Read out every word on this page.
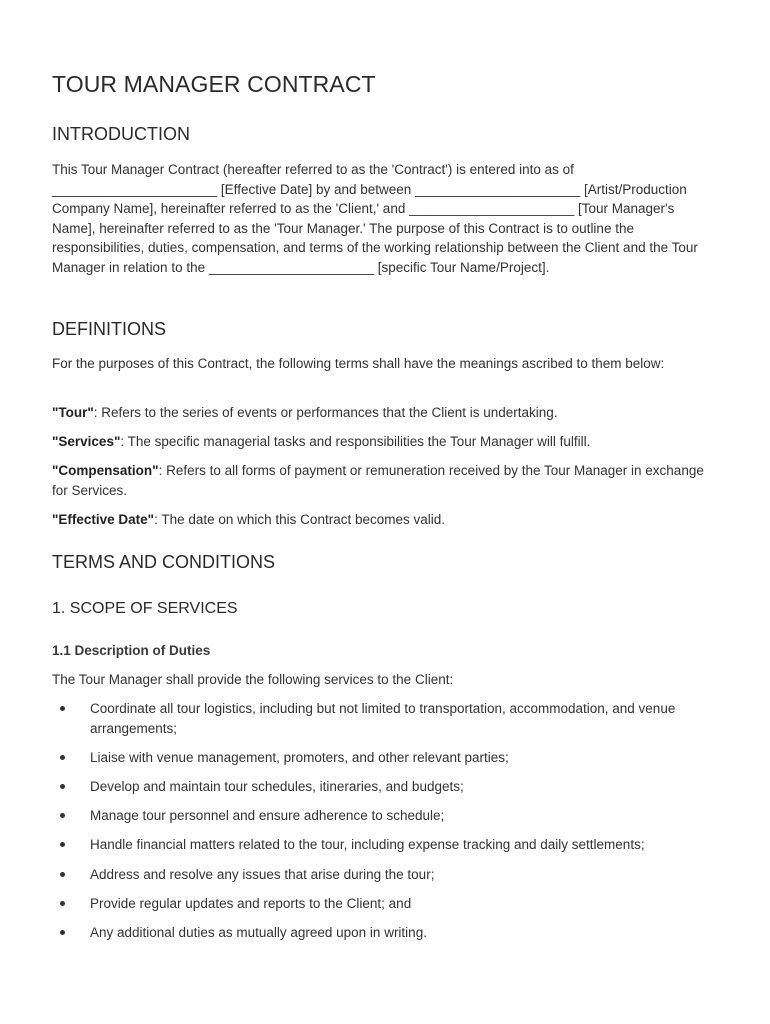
TOUR MANAGER CONTRACT
INTRODUCTION

This Tour Manager Contract (hereafter referred to as the 'Contract') is entered into as of ______________________ [Effective Date] by and between ______________________ [Artist/Production Company Name], hereinafter referred to as the 'Client,' and ______________________ [Tour Manager's Name], hereinafter referred to as the 'Tour Manager.' The purpose of this Contract is to outline the responsibilities, duties, compensation, and terms of the working relationship between the Client and the Tour Manager in relation to the ______________________ [specific Tour Name/Project].

DEFINITIONS

For the purposes of this Contract, the following terms shall have the meanings ascribed to them below:

"Tour": Refers to the series of events or performances that the Client is undertaking.

"Services": The specific managerial tasks and responsibilities the Tour Manager will fulfill.

"Compensation": Refers to all forms of payment or remuneration received by the Tour Manager in exchange for Services.

"Effective Date": The date on which this Contract becomes valid.

TERMS AND CONDITIONS
1. SCOPE OF SERVICES
1.1 Description of Duties

The Tour Manager shall provide the following services to the Client:

Coordinate all tour logistics, including but not limited to transportation, accommodation, and venue arrangements;
Liaise with venue management, promoters, and other relevant parties;
Develop and maintain tour schedules, itineraries, and budgets;
Manage tour personnel and ensure adherence to schedule;
Handle financial matters related to the tour, including expense tracking and daily settlements;
Address and resolve any issues that arise during the tour;
Provide regular updates and reports to the Client; and
Any additional duties as mutually agreed upon in writing.
